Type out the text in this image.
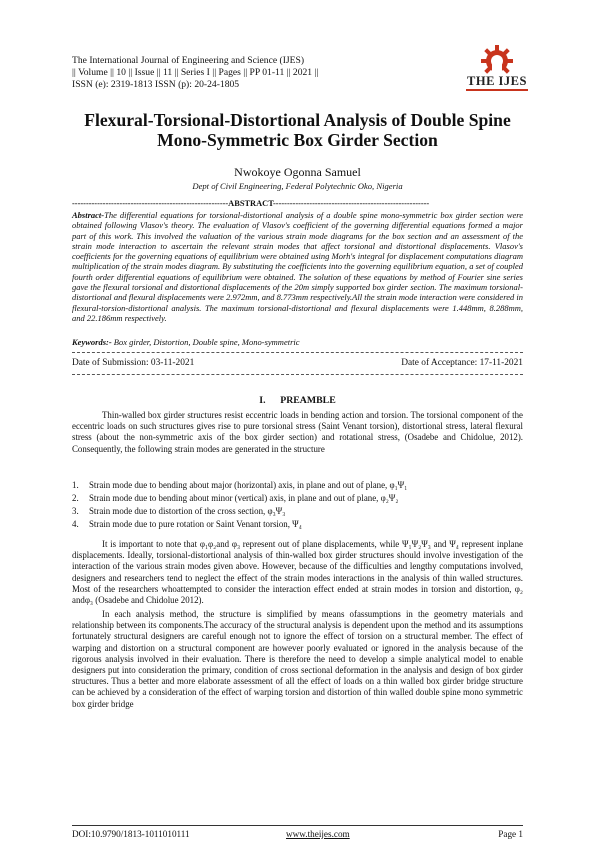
The International Journal of Engineering and Science (IJES)
|| Volume || 10 || Issue || 11 || Series I || Pages || PP 01-11 || 2021 ||
ISSN (e): 2319-1813 ISSN (p): 20-24-1805	THE IJES
Flexural-Torsional-Distortional Analysis of Double Spine Mono-Symmetric Box Girder Section
Nwokoye Ogonna Samuel
Dept of Civil Engineering, Federal Polytechnic Oko, Nigeria
--------------------------------------------------------ABSTRACT--------------------------------------------------------
Abstract-The differential equations for torsional-distortional analysis of a double spine mono-symmetric box girder section were obtained following Vlasov's theory. The evaluation of Vlasov's coefficient of the governing differential equations formed a major part of this work. This involved the valuation of the various strain mode diagrams for the box section and an assessment of the strain mode interaction to ascertain the relevant strain modes that affect torsional and distortional displacements. Vlasov's coefficients for the governing equations of equilibrium were obtained using Morh's integral for displacement computations diagram multiplication of the strain modes diagram. By substituting the coefficients into the governing equilibrium equation, a set of coupled fourth order differential equations of equilibrium were obtained. The solution of these equations by method of Fourier sine series gave the flexural torsional and distortional displacements of the 20m simply supported box girder section. The maximum torsional-distortional and flexural displacements were 2.972mm, and 8.773mm respectively.All the strain mode interaction were considered in flexural-torsion-distortional analysis. The maximum torsional-distortional and flexural displacements were 1.448mm, 8.288mm, and 22.186mm respectively.
Keywords:- Box girder, Distortion, Double spine, Mono-symmetric
Date of Submission: 03-11-2021	Date of Acceptance: 17-11-2021
I.      PREAMBLE

Thin-walled box girder structures resist eccentric loads in bending action and torsion. The torsional component of the eccentric loads on such structures gives rise to pure torsional stress (Saint Venant torsion), distortional stress, lateral flexural stress (about the non-symmetric axis of the box girder section) and rotational stress, (Osadebe and Chidolue, 2012). Consequently, the following strain modes are generated in the structure

1. Strain mode due to bending about major (horizontal) axis, in plane and out of plane, φ₁Ψ₁
2. Strain mode due to bending about minor (vertical) axis, in plane and out of plane, φ₂Ψ₂
3. Strain mode due to distortion of the cross section, φ₃Ψ₃
4. Strain mode due to pure rotation or Saint Venant torsion, Ψ₄

It is important to note that φ₁φ₂and φ₃ represent out of plane displacements, while Ψ₁Ψ₂Ψ₃ and Ψ₄ represent inplane displacements. Ideally, torsional-distortional analysis of thin-walled box girder structures should involve investigation of the interaction of the various strain modes given above. However, because of the difficulties and lengthy computations involved, designers and researchers tend to neglect the effect of the strain modes interactions in the analysis of thin walled structures. Most of the researchers whoattempted to consider the interaction effect ended at strain modes in torsion and distortion, φ₂ andφ₃ (Osadebe and Chidolue 2012).

In each analysis method, the structure is simplified by means ofassumptions in the geometry materials and relationship between its components.The accuracy of the structural analysis is dependent upon the method and its assumptions fortunately structural designers are careful enough not to ignore the effect of torsion on a structural member. The effect of warping and distortion on a structural component are however poorly evaluated or ignored in the analysis because of the rigorous analysis involved in their evaluation. There is therefore the need to develop a simple analytical model to enable designers put into consideration the primary, condition of cross sectional deformation in the analysis and design of box girder structures. Thus a better and more elaborate assessment of all the effect of loads on a thin walled box girder bridge structure can be achieved by a consideration of the effect of warping torsion and distortion of thin walled double spine mono symmetric box girder bridge

DOI:10.9790/1813-1011010111	www.theijes.com	Page 1
